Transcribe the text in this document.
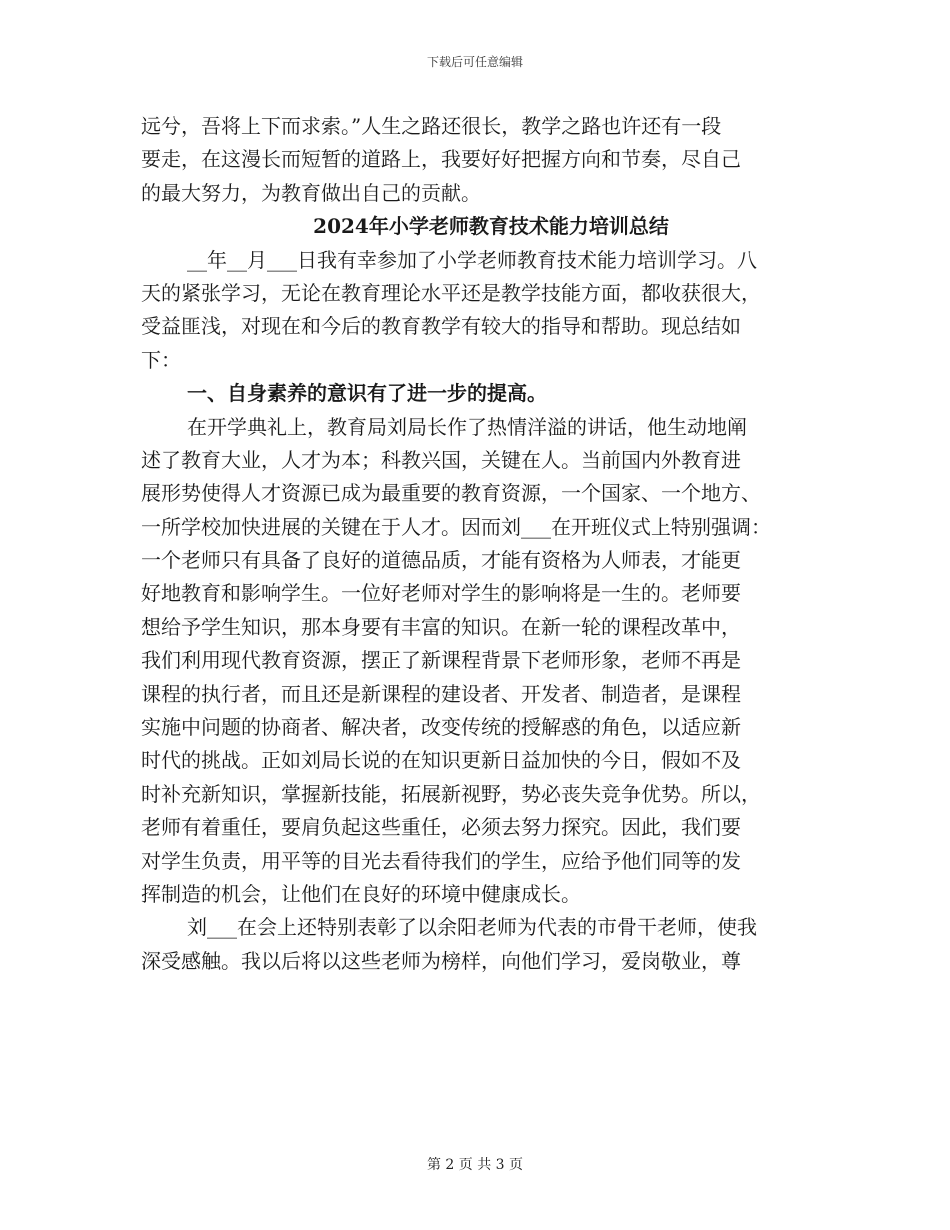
下载后可任意编辑
远兮，吾将上下而求索。”人生之路还很长，教学之路也许还有一段
要走，在这漫长而短暂的道路上，我要好好把握方向和节奏，尽自己
的最大努力，为教育做出自己的贡献。
2024年小学老师教育技术能力培训总结
__年__月___日我有幸参加了小学老师教育技术能力培训学习。八
天的紧张学习，无论在教育理论水平还是教学技能方面，都收获很大，
受益匪浅，对现在和今后的教育教学有较大的指导和帮助。现总结如
下：
一、自身素养的意识有了进一步的提高。
在开学典礼上，教育局刘局长作了热情洋溢的讲话，他生动地阐
述了教育大业，人才为本；科教兴国，关键在人。当前国内外教育进
展形势使得人才资源已成为最重要的教育资源，一个国家、一个地方、
一所学校加快进展的关键在于人才。因而刘___在开班仪式上特别强调：
一个老师只有具备了良好的道德品质，才能有资格为人师表，才能更
好地教育和影响学生。一位好老师对学生的影响将是一生的。老师要
想给予学生知识，那本身要有丰富的知识。在新一轮的课程改革中，
我们利用现代教育资源，摆正了新课程背景下老师形象，老师不再是
课程的执行者，而且还是新课程的建设者、开发者、制造者，是课程
实施中问题的协商者、解决者，改变传统的授解惑的角色，以适应新
时代的挑战。正如刘局长说的在知识更新日益加快的今日，假如不及
时补充新知识，掌握新技能，拓展新视野，势必丧失竞争优势。所以，
老师有着重任，要肩负起这些重任，必须去努力探究。因此，我们要
对学生负责，用平等的目光去看待我们的学生，应给予他们同等的发
挥制造的机会，让他们在良好的环境中健康成长。
刘___在会上还特别表彰了以余阳老师为代表的市骨干老师，使我
深受感触。我以后将以这些老师为榜样，向他们学习，爱岗敬业，尊
第 2 页 共 3 页
